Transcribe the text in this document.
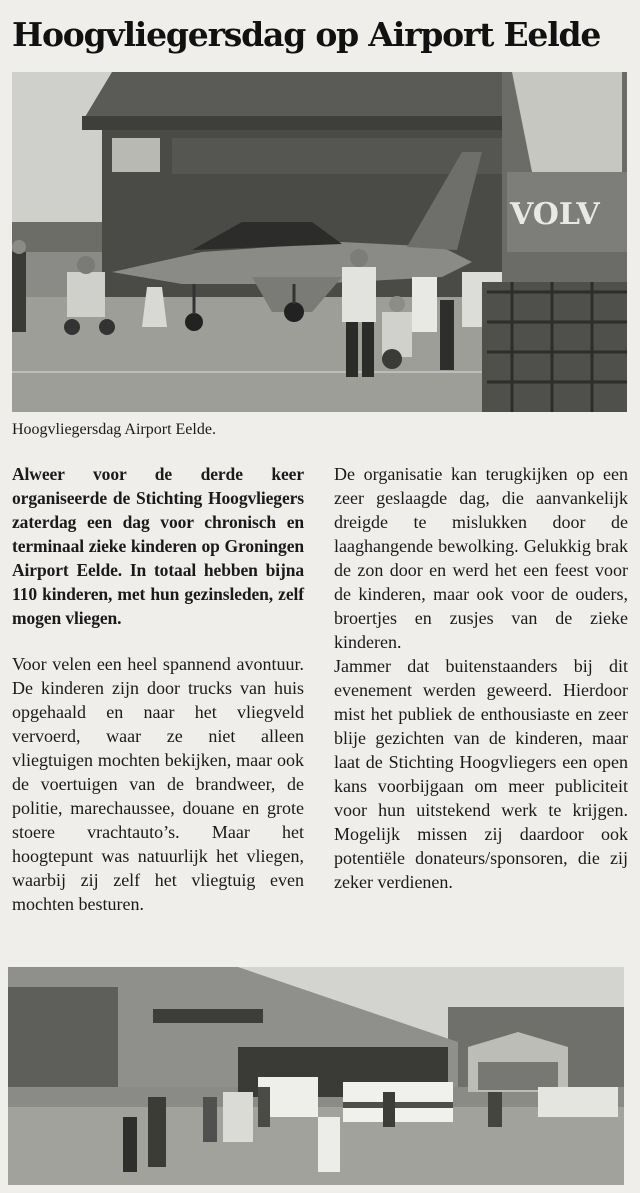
Hoogvliegersdag op Airport Eelde
VOLV
Hoogvliegersdag Airport Eelde.

Alweer voor de derde keer organiseerde de Stichting Hoogvliegers zaterdag een dag voor chronisch en terminaal zieke kinderen op Groningen Airport Eelde. In totaal hebben bijna 110 kinderen, met hun gezinsleden, zelf mogen vliegen.

Voor velen een heel spannend avontuur. De kinderen zijn door trucks van huis opgehaald en naar het vliegveld vervoerd, waar ze niet alleen vliegtuigen mochten bekijken, maar ook de voertuigen van de brandweer, de politie, marechaussee, douane en grote stoere vrachtauto’s. Maar het hoogtepunt was natuurlijk het vliegen, waarbij zij zelf het vliegtuig even mochten besturen.

De organisatie kan terugkijken op een zeer geslaagde dag, die aanvankelijk dreigde te mislukken door de laaghangende bewolking. Gelukkig brak de zon door en werd het een feest voor de kinderen, maar ook voor de ouders, broertjes en zusjes van de zieke kinderen.

Jammer dat buitenstaanders bij dit evenement werden geweerd. Hierdoor mist het publiek de enthousiaste en zeer blije gezichten van de kinderen, maar laat de Stichting Hoogvliegers een open kans voorbijgaan om meer publiciteit voor hun uitstekend werk te krijgen. Mogelijk missen zij daardoor ook potentiële donateurs/sponsoren, die zij zeker verdienen.
